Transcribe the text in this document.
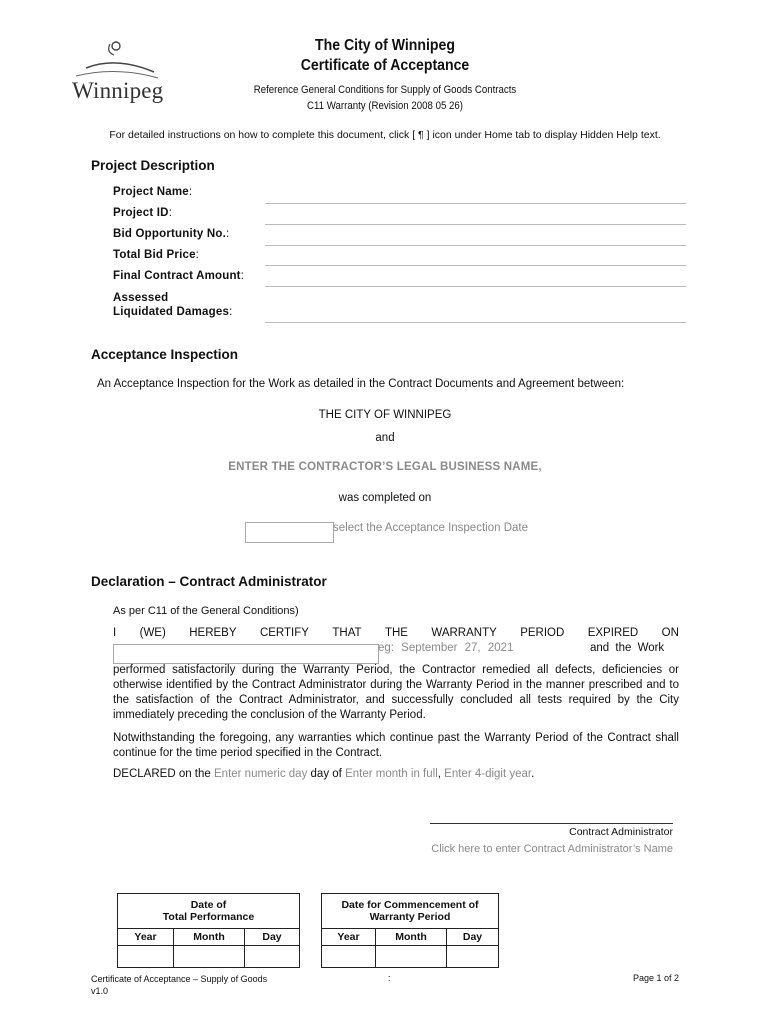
Winnipeg
The City of Winnipeg
Certificate of Acceptance
Reference General Conditions for Supply of Goods Contracts
C11 Warranty (Revision 2008 05 26)
For detailed instructions on how to complete this document, click [ ¶ ] icon under Home tab to display Hidden Help text.
Project Description
Project Name:
Project ID:
Bid Opportunity No.:
Total Bid Price:
Final Contract Amount:
Assessed
Liquidated Damages:
Acceptance Inspection
An Acceptance Inspection for the Work as detailed in the Contract Documents and Agreement between:
THE CITY OF WINNIPEG
and
ENTER THE CONTRACTOR’S LEGAL BUSINESS NAME,
was completed on
select the Acceptance Inspection Date
Declaration – Contract Administrator
As per C11 of the General Conditions)
I (WE) HEREBY CERTIFY THAT THE WARRANTY PERIOD EXPIRED ON
eg: September 27, 2021	and the Work
performed satisfactorily during the Warranty Period, the Contractor remedied all defects, deficiencies or otherwise identified by the Contract Administrator during the Warranty Period in the manner prescribed and to the satisfaction of the Contract Administrator, and successfully concluded all tests required by the City immediately preceding the conclusion of the Warranty Period.
Notwithstanding the foregoing, any warranties which continue past the Warranty Period of the Contract shall continue for the time period specified in the Contract.
DECLARED on the Enter numeric day day of Enter month in full, Enter 4-digit year.
Contract Administrator
Click here to enter Contract Administrator’s Name
Date of
Total Performance		

Year	Month	Day

Date for Commencement of
Warranty Period		

Year	Month	Day

Certificate of Acceptance – Supply of Goods
v1.0
:	Page 1 of 2
